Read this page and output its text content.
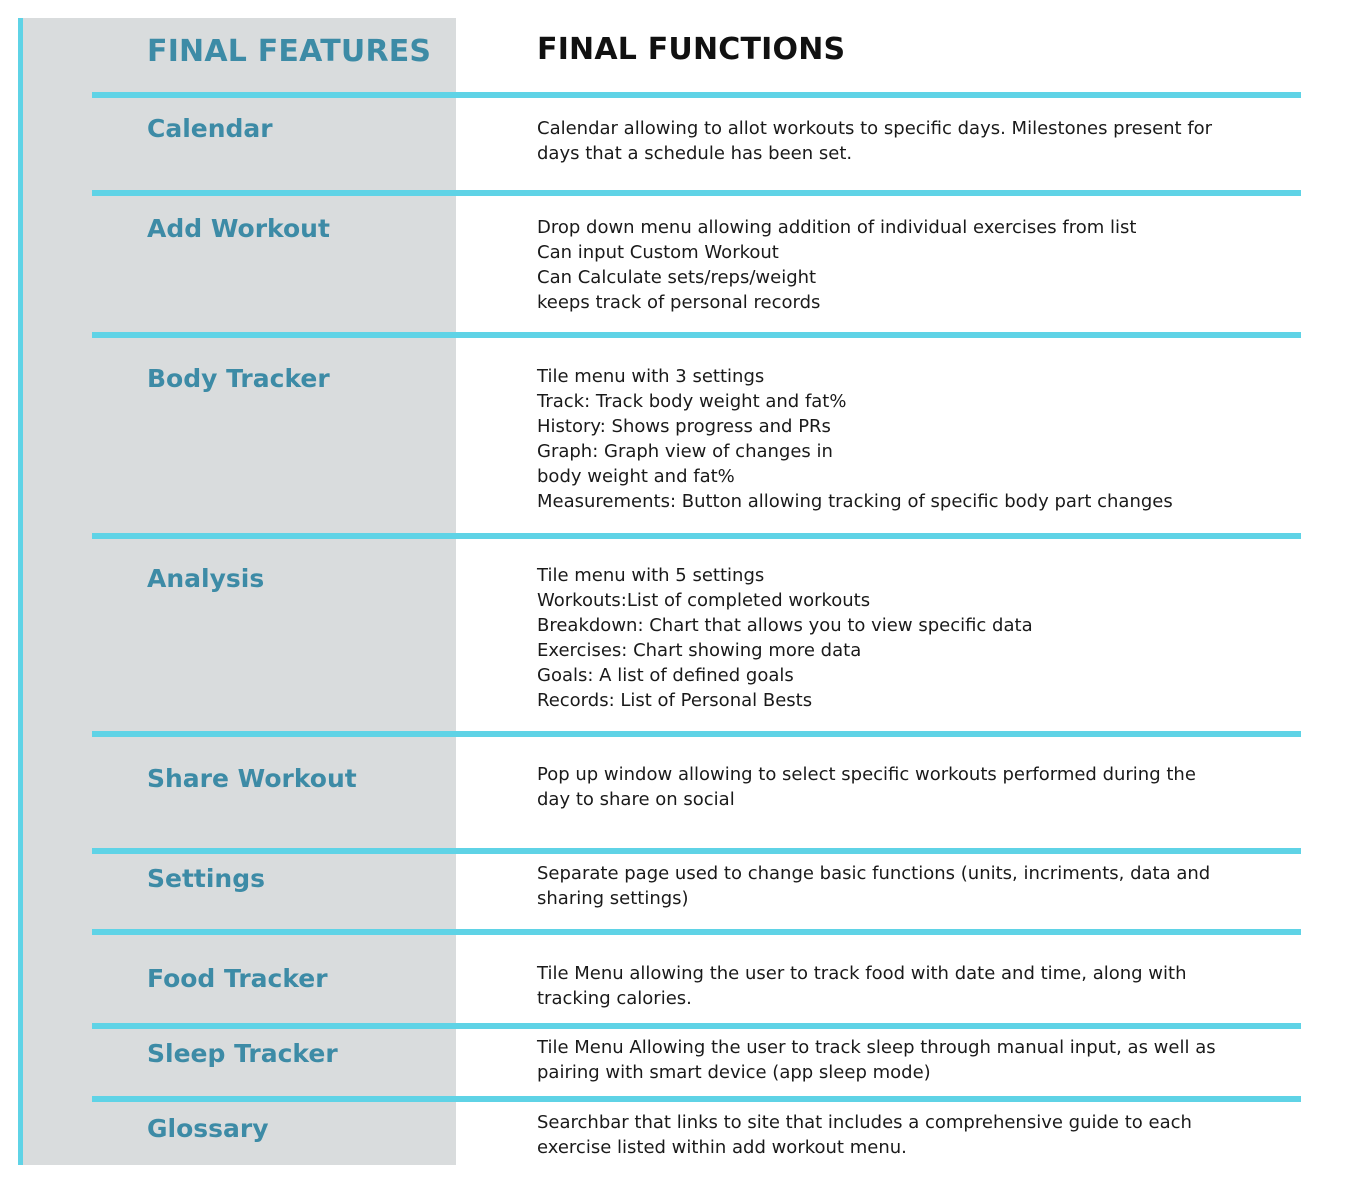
FINAL FEATURES	FINAL FUNCTIONS
Calendar	Calendar allowing to allot workouts to specific days. Milestones present for
days that a schedule has been set.
Add Workout	Drop down menu allowing addition of individual exercises from list
Can input Custom Workout
Can Calculate sets/reps/weight
keeps track of personal records
Body Tracker	Tile menu with 3 settings
Track: Track body weight and fat%
History: Shows progress and PRs
Graph: Graph view of changes in
body weight and fat%
Measurements: Button allowing tracking of specific body part changes
Analysis	Tile menu with 5 settings
Workouts:List of completed workouts
Breakdown: Chart that allows you to view specific data
Exercises: Chart showing more data
Goals: A list of defined goals
Records: List of Personal Bests
Share Workout	Pop up window allowing to select specific workouts performed during the
day to share on social
Settings	Separate page used to change basic functions (units, incriments, data and
sharing settings)
Food Tracker	Tile Menu allowing the user to track food with date and time, along with
tracking calories.
Sleep Tracker	Tile Menu Allowing the user to track sleep through manual input, as well as
pairing with smart device (app sleep mode)
Glossary	Searchbar that links to site that includes a comprehensive guide to each
exercise listed within add workout menu.
